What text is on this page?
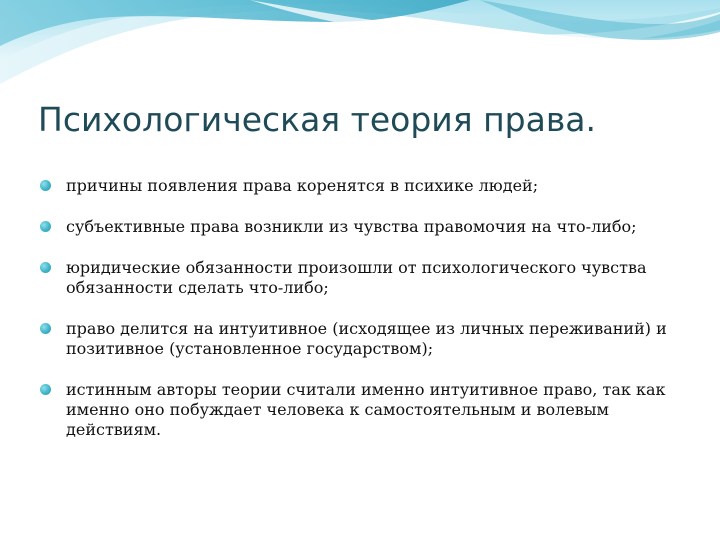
Психологическая теория права.
причины появления права коренятся в психике людей;
субъективные права возникли из чувства правомочия на что-либо;
юридические обязанности произошли от психологического чувства обязанности сделать что-либо;
право делится на интуитивное (исходящее из личных переживаний) и позитивное (установленное государством);
истинным авторы теории считали именно интуитивное право, так как именно оно побуждает человека к самостоятельным и волевым действиям.
